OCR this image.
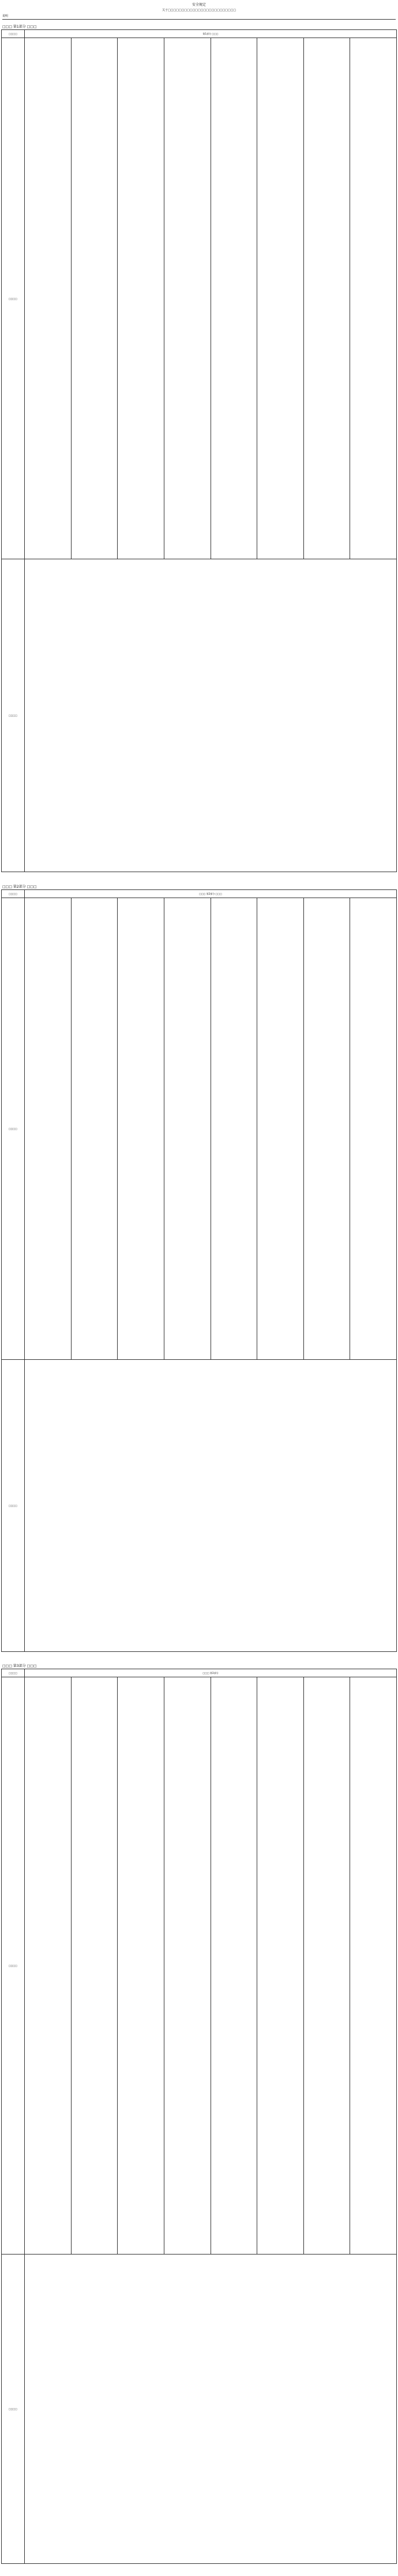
安全规定
关于□□□□□□□□□□□□□□□□□□□□□□□□□
说明
□□□ 第1部分 □□□
□□□□	第1部分 □□□							
□□□□								
□□□□								
□□□ 第2部分 □□□
□□□□	□□□ 第2部分 □□□							
□□□□								
□□□□								
□□□ 第3部分 □□□
□□□□	□□□ 第3部分							
□□□□								
□□□□								
